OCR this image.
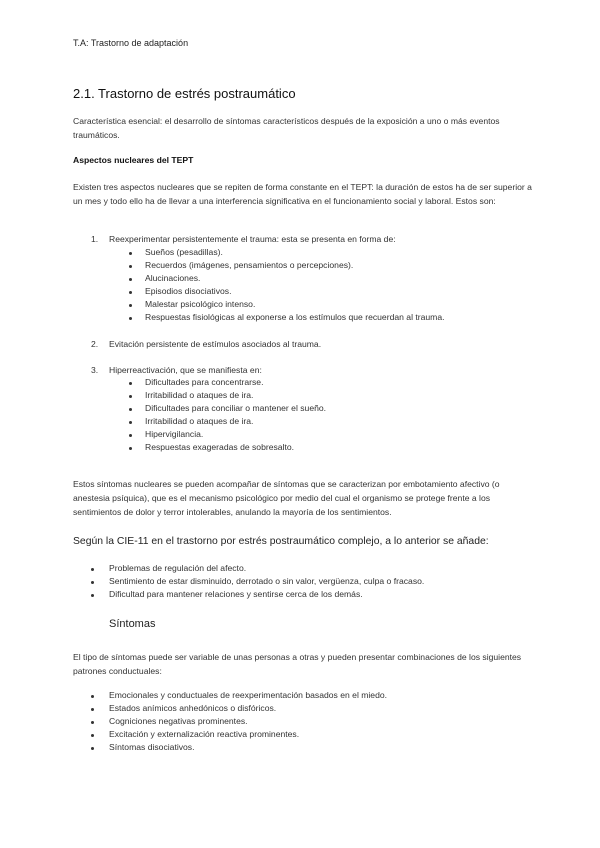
T.A: Trastorno de adaptación
2.1. Trastorno de estrés postraumático

Característica esencial: el desarrollo de síntomas característicos después de la exposición a uno o más eventos traumáticos.

Aspectos nucleares del TEPT

Existen tres aspectos nucleares que se repiten de forma constante en el TEPT: la duración de estos ha de ser superior a un mes y todo ello ha de llevar a una interferencia significativa en el funcionamiento social y laboral. Estos son:

1. Reexperimentar persistentemente el trauma: esta se presenta en forma de:
Sueños (pesadillas).
Recuerdos (imágenes, pensamientos o percepciones).
Alucinaciones.
Episodios disociativos.
Malestar psicológico intenso.
Respuestas fisiológicas al exponerse a los estímulos que recuerdan al trauma.
2. Evitación persistente de estímulos asociados al trauma.
3. Hiperreactivación, que se manifiesta en:
Dificultades para concentrarse.
Irritabilidad o ataques de ira.
Dificultades para conciliar o mantener el sueño.
Irritabilidad o ataques de ira.
Hipervigilancia.
Respuestas exageradas de sobresalto.

Estos síntomas nucleares se pueden acompañar de síntomas que se caracterizan por embotamiento afectivo (o anestesia psíquica), que es el mecanismo psicológico por medio del cual el organismo se protege frente a los sentimientos de dolor y terror intolerables, anulando la mayoría de los sentimientos.

Según la CIE-11 en el trastorno por estrés postraumático complejo, a lo anterior se añade:

Problemas de regulación del afecto.
Sentimiento de estar disminuido, derrotado o sin valor, vergüenza, culpa o fracaso.
Dificultad para mantener relaciones y sentirse cerca de los demás.

Síntomas

El tipo de síntomas puede ser variable de unas personas a otras y pueden presentar combinaciones de los siguientes patrones conductuales:

Emocionales y conductuales de reexperimentación basados en el miedo.
Estados anímicos anhedónicos o disfóricos.
Cogniciones negativas prominentes.
Excitación y externalización reactiva prominentes.
Síntomas disociativos.
